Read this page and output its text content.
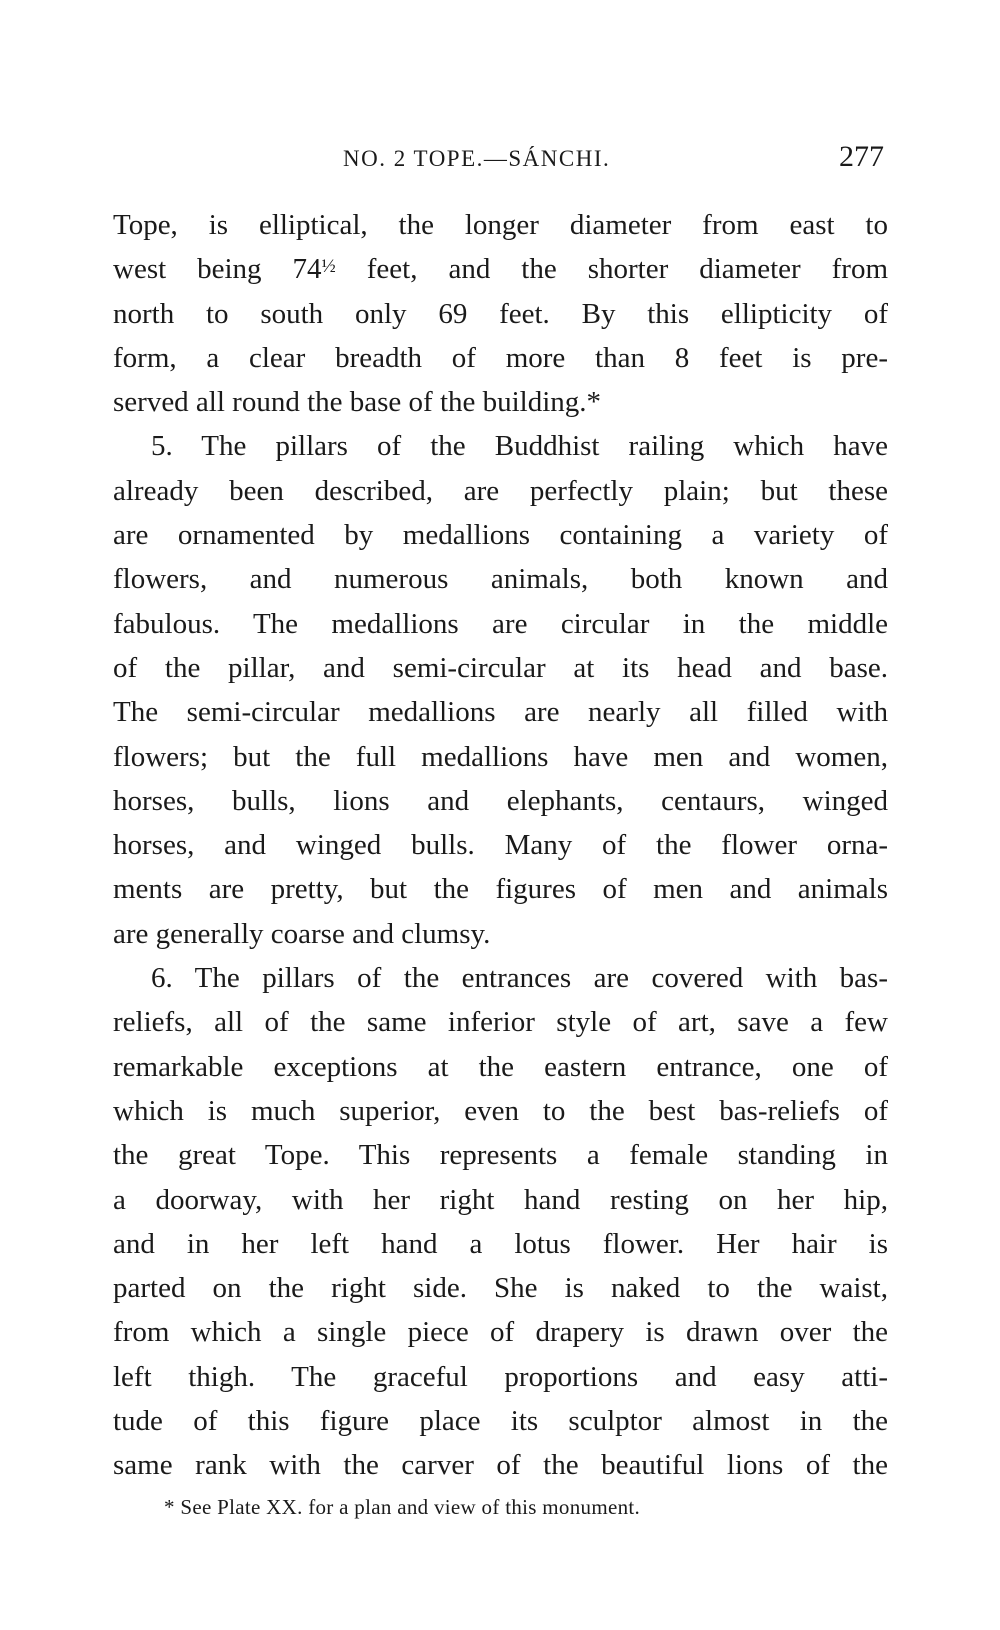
NO. 2 TOPE.—SÁNCHI.	277
Tope, is elliptical, the longer diameter from east to
west being $74^{\frac{1}{2}}$ feet, and the shorter diameter from
north to south only 69 feet. By this ellipticity of
form, a clear breadth of more than 8 feet is pre-
served all round the base of the building.*
5. The pillars of the Buddhist railing which have
already been described, are perfectly plain; but these
are ornamented by medallions containing a variety of
flowers, and numerous animals, both known and
fabulous. The medallions are circular in the middle
of the pillar, and semi-circular at its head and base.
The semi-circular medallions are nearly all filled with
flowers; but the full medallions have men and women,
horses, bulls, lions and elephants, centaurs, winged
horses, and winged bulls. Many of the flower orna-
ments are pretty, but the figures of men and animals
are generally coarse and clumsy.
6. The pillars of the entrances are covered with bas-
reliefs, all of the same inferior style of art, save a few
remarkable exceptions at the eastern entrance, one of
which is much superior, even to the best bas-reliefs of
the great Tope. This represents a female standing in
a doorway, with her right hand resting on her hip,
and in her left hand a lotus flower. Her hair is
parted on the right side. She is naked to the waist,
from which a single piece of drapery is drawn over the
left thigh. The graceful proportions and easy atti-
tude of this figure place its sculptor almost in the
same rank with the carver of the beautiful lions of the
* See Plate XX. for a plan and view of this monument.
